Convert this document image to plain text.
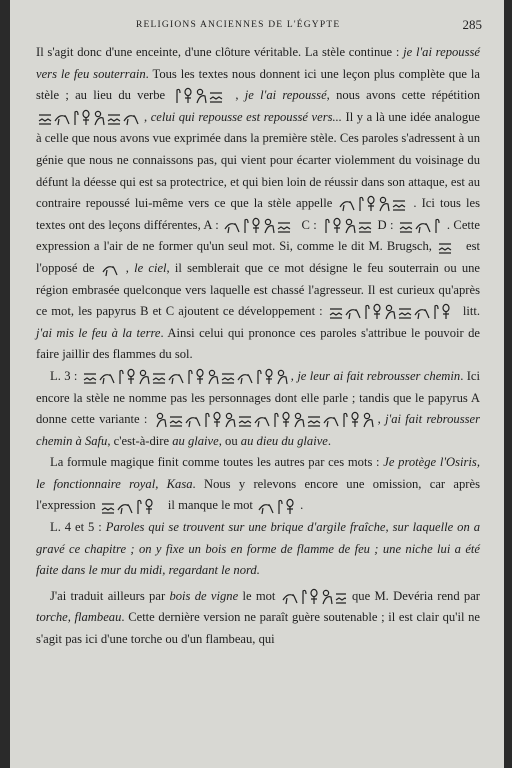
RELIGIONS ANCIENNES DE L'ÉGYPTE	285

Il s'agit donc d'une enceinte, d'une clôture véritable. La stèle continue : je l'ai repoussé vers le feu souterrain. Tous les textes nous donnent ici une leçon plus complète que la stèle ; au lieu du verbe	, je l'ai repoussé, nous avons cette répétition
, celui qui repousse est repoussé vers... Il y a là une idée analogue à celle que nous avons vue exprimée dans la première stèle. Ces paroles s'adressent à un génie que nous ne connaissons pas, qui vient pour écarter violemment du voisinage du défunt la déesse qui est sa protectrice, et qui bien loin de réussir dans son attaque, est au contraire repoussé lui-même vers ce que la stèle appelle	. Ici tous les textes ont des leçons différentes, A :	C :	D :	. Cette expression a l'air de ne former qu'un seul mot. Si, comme le dit M. Brugsch,
est l'opposé de
, le ciel, il semblerait que ce mot désigne le feu souterrain ou une région embrasée quelconque vers laquelle est chassé l'agresseur. Il est curieux qu'après ce mot, les papyrus B et C ajoutent ce développement :	litt. j'ai mis le feu à la terre. Ainsi celui qui prononce ces paroles s'attribue le pouvoir de faire jaillir des flammes du sol.

L. 3 :	, je leur ai fait rebrousser chemin. Ici encore la stèle ne nomme pas les personnages dont elle parle ; tandis que le papyrus A donne cette variante :	, j'ai fait rebrousser chemin à Safu, c'est-à-dire au glaive, ou au dieu du glaive.

La formule magique finit comme toutes les autres par ces mots : Je protège l'Osiris, le fonctionnaire royal, Kasa. Nous y relevons encore une omission, car après l'expression	il manque le mot	.

L. 4 et 5 : Paroles qui se trouvent sur une brique d'argile fraîche, sur laquelle on a gravé ce chapitre ; on y fixe un bois en forme de flamme de feu ; une niche lui a été faite dans le mur du midi, regardant le nord.

J'ai traduit ailleurs par bois de vigne le mot	que M. Devéria rend par torche, flambeau. Cette dernière version ne paraît guère soutenable ; il est clair qu'il ne s'agit pas ici d'une torche ou d'un flambeau, qui
